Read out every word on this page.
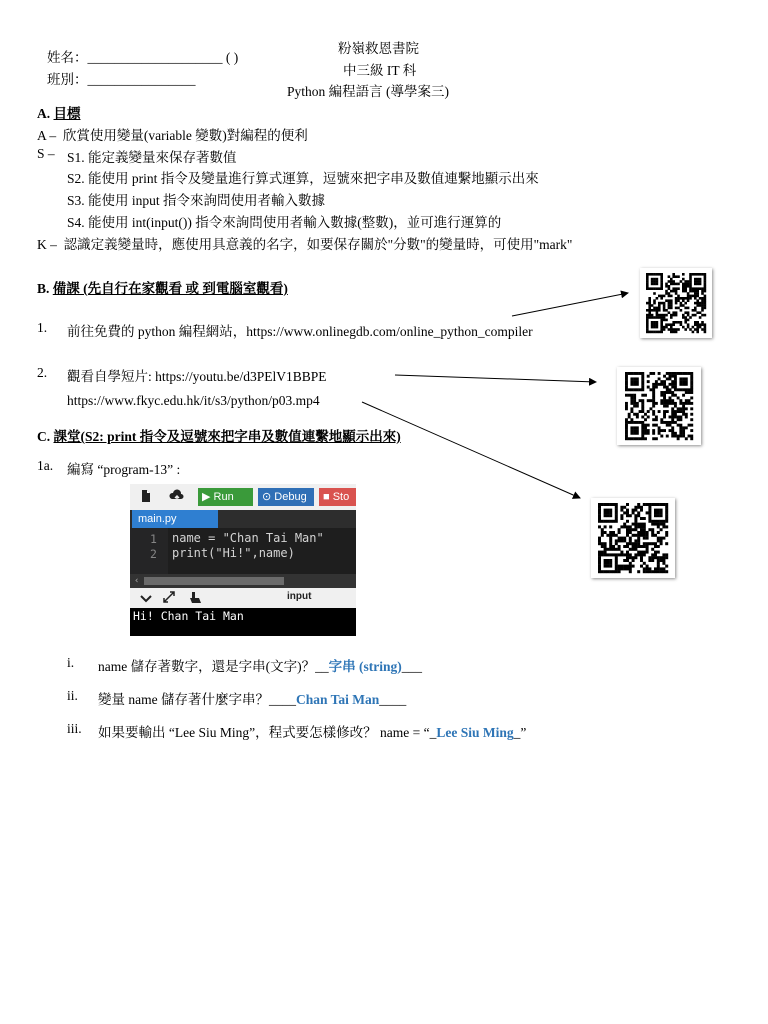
姓名：____________________ ( )
班別：________________
粉嶺救恩書院
中三級 IT 科
Python 編程語言 (導學案三)
A. 目標
A – 欣賞使用變量(variable 變數)對編程的便利
S – S1. 能定義變量來保存著數值
S2. 能使用 print 指令及變量進行算式運算，逗號來把字串及數值連繫地顯示出來
S3. 能使用 input 指令來詢問使用者輸入數據
S4. 能使用 int(input()) 指令來詢問使用者輸入數據(整數)，並可進行運算的
K – 認識定義變量時，應使用具意義的名字，如要保存關於"分數"的變量時，可使用"mark"
B. 備課 (先自行在家觀看 或 到電腦室觀看)
1. 前往免費的 python 編程網站，https://www.onlinegdb.com/online_python_compiler
2. 觀看自學短片: https://youtu.be/d3PElV1BBPE
https://www.fkyc.edu.hk/it/s3/python/p03.mp4
C. 課堂(S2: print 指令及逗號來把字串及數值連繫地顯示出來)
1a. 編寫 “program-13” :
▶ Run	⊙ Debug	■ Sto
main.py
1
2
name = "Chan Tai Man"
print("Hi!",name)
‹
input
Hi! Chan Tai Man
i. name 儲存著數字，還是字串(文字)？__字串 (string)___
ii. 變量 name 儲存著什麼字串？____Chan Tai Man____
iii. 如果要輸出 “Lee Siu Ming”，程式要怎樣修改？ name = “_Lee Siu Ming_”
